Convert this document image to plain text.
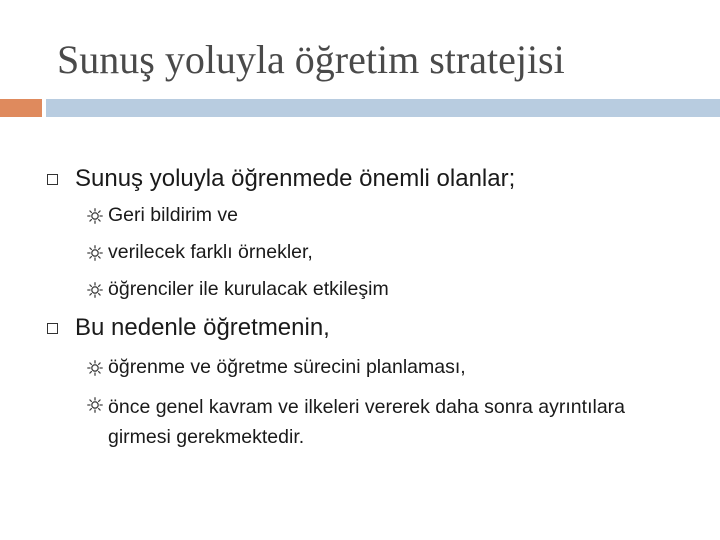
Sunuş yoluyla öğretim stratejisi
Sunuş yoluyla öğrenmede önemli olanlar;
Geri bildirim ve
verilecek farklı örnekler,
öğrenciler ile kurulacak etkileşim
Bu nedenle öğretmenin,
öğrenme ve öğretme sürecini planlaması,
önce genel kavram ve ilkeleri vererek daha sonra ayrıntılara girmesi gerekmektedir.
